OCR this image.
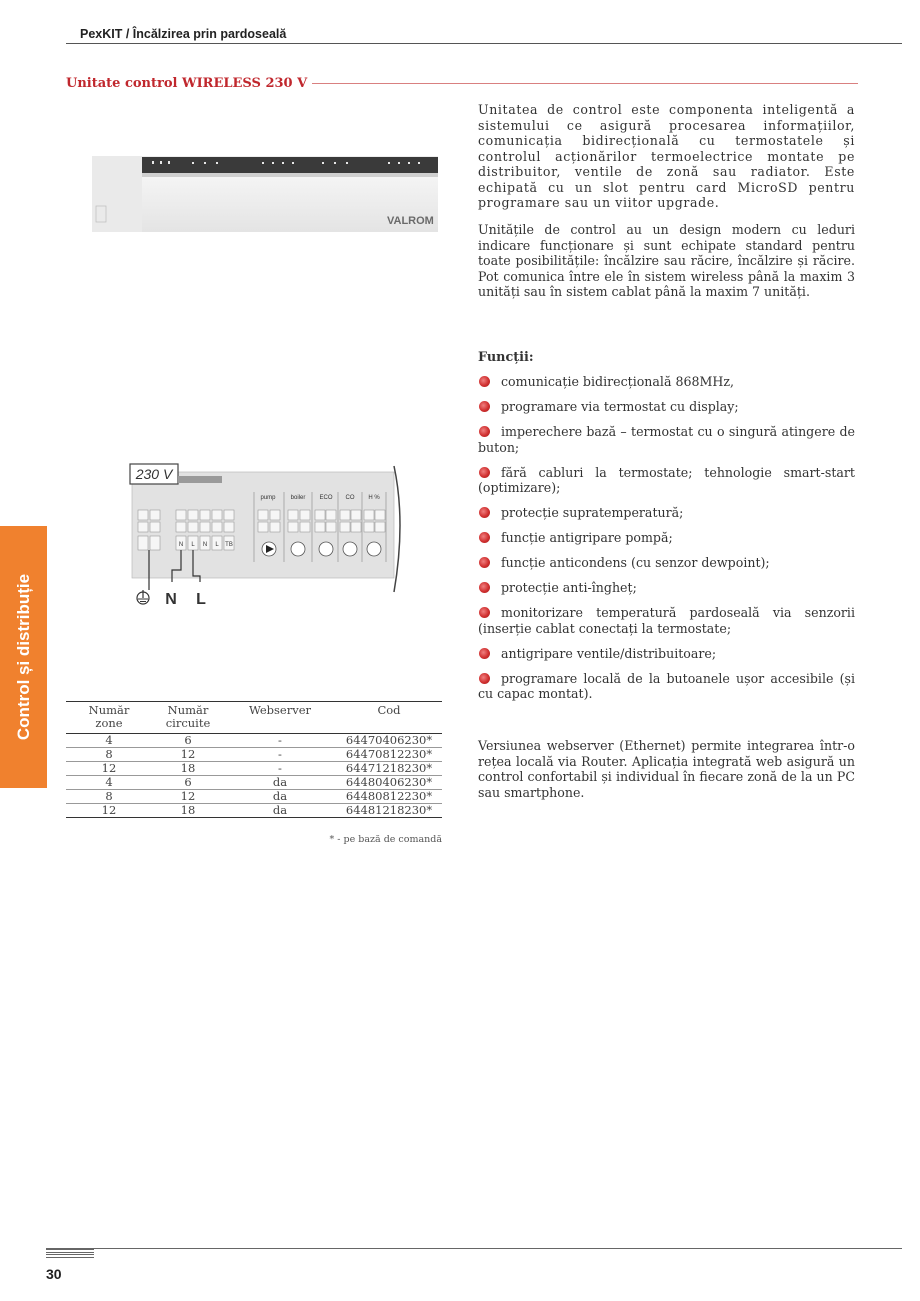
PexKIT / Încălzirea prin pardoseală
Unitate control WIRELESS 230 V
VALROM
230 V
N L N L TB
pump	boiler ECO CO H %
N L
Unitatea de control este componenta inteligentă a sistemului ce asigură procesarea informațiilor, comunicația bidirecțională cu termostatele și controlul acționărilor termoelectrice montate pe distribuitor, ventile de zonă sau radiator. Este echipată cu un slot pentru card MicroSD pentru programare sau un viitor upgrade.
Unitățile de control au un design modern cu leduri indicare funcționare și sunt echipate standard pentru toate posibilitățile: încălzire sau răcire, încălzire și răcire. Pot comunica între ele în sistem wireless până la maxim 3 unități sau în sistem cablat până la maxim 7 unități.
Funcții:
comunicație bidirecțională 868MHz,
programare via termostat cu display;
imperechere bază – termostat cu o singură atingere de buton;
fără cabluri la termostate; tehnologie smart-start (optimizare);
protecție supratemperatură;
funcție antigripare pompă;
funcție anticondens (cu senzor dewpoint);
protecție anti-îngheț;
monitorizare temperatură pardoseală via senzorii (inserție cablat conectați la termostate;
antigripare ventile/distribuitoare;
programare locală de la butoanele ușor accesibile (și cu capac montat).
Versiunea webserver (Ethernet) permite integrarea într-o rețea locală via Router. Aplicația integrată web asigură un control confortabil și individual în fiecare zonă de la un PC sau smartphone.
Control și distribuție	Număr zone	Număr circuite	Webserver	Cod
4	6	-	64470406230*
8	12	-	64470812230*
12	18	-	64471218230*
4	6	da	64480406230*
8	12	da	64480812230*
12	18	da	64481218230*
* - pe bază de comandă
30
